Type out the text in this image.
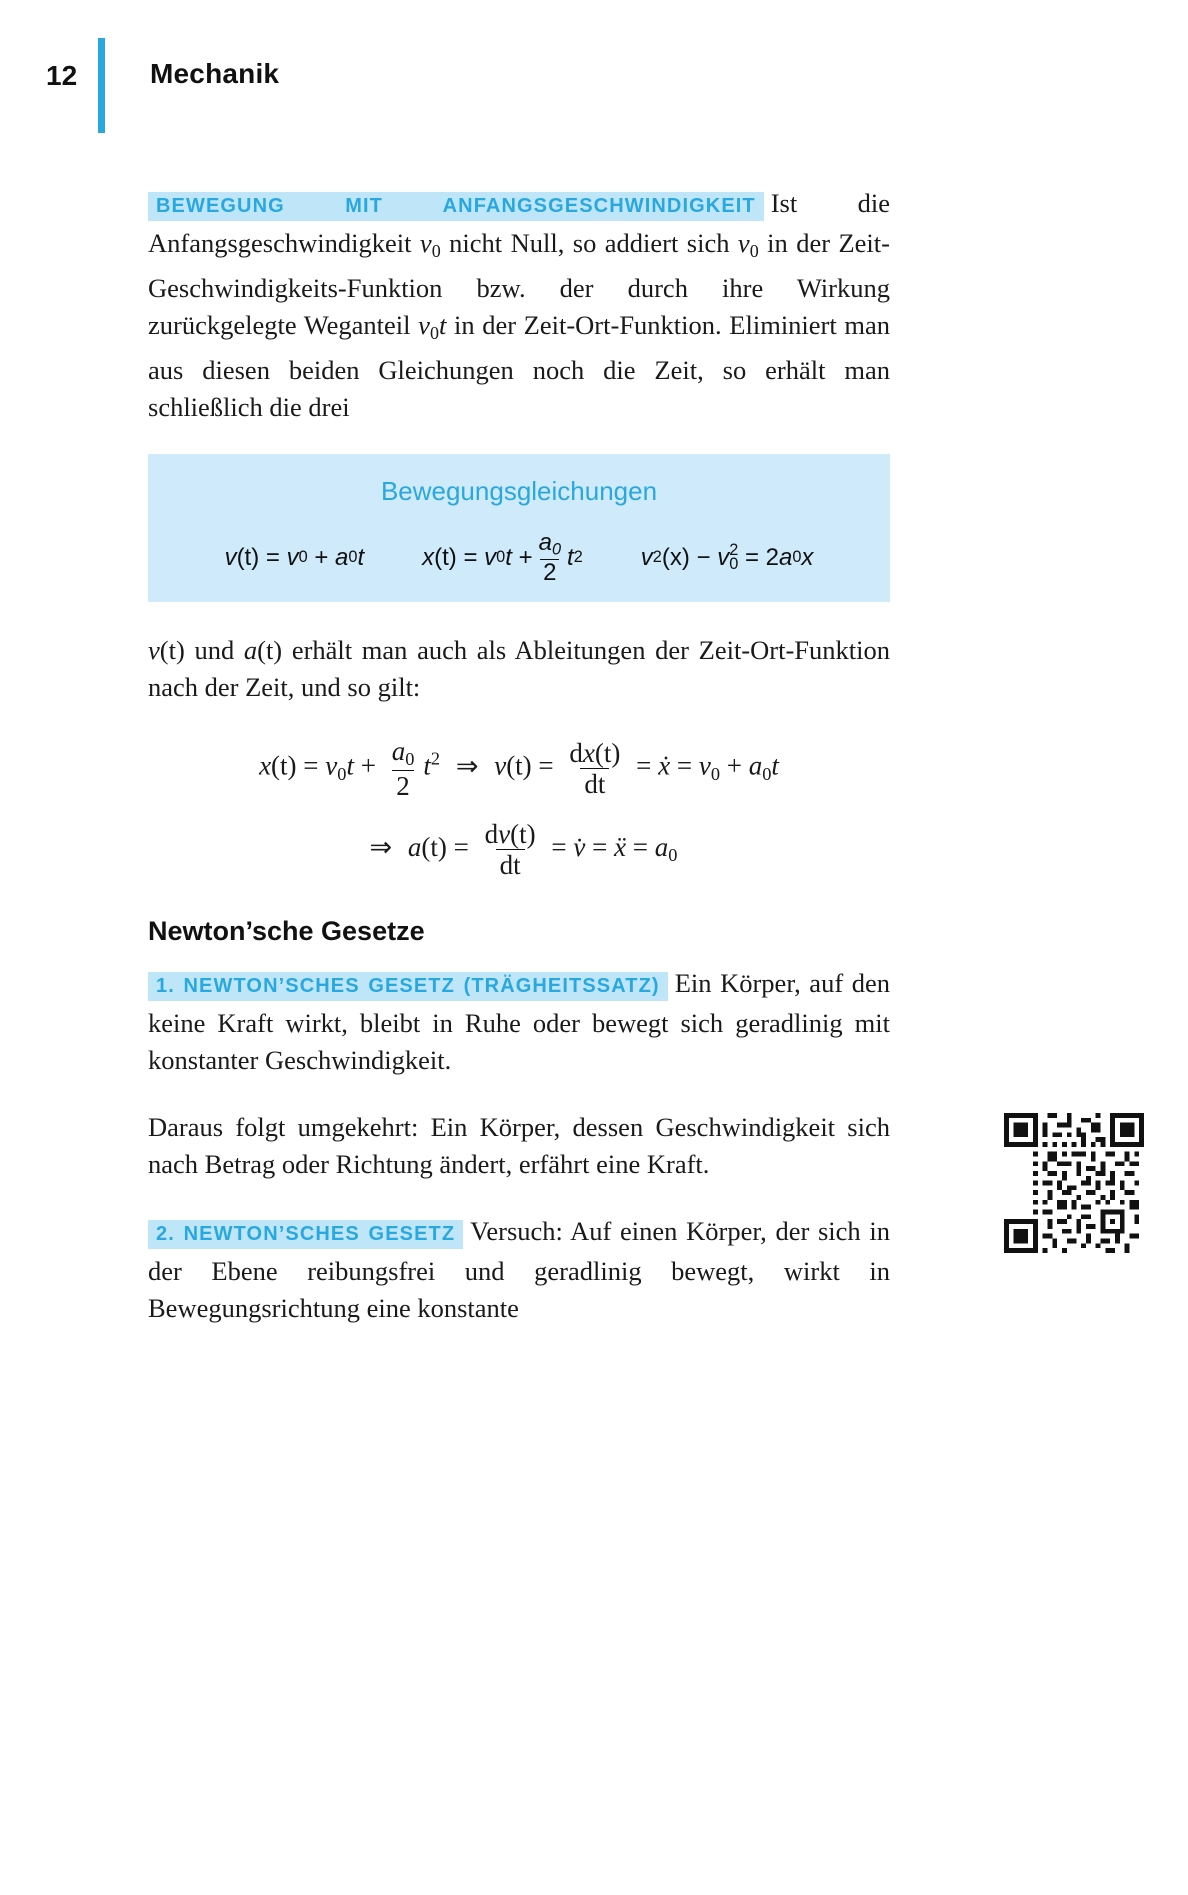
12	Mechanik

BEWEGUNG MIT ANFANGSGESCHWINDIGKEIT Ist die Anfangsgeschwindigkeit $v_0$ nicht Null, so addiert sich $v_0$ in der Zeit-Geschwindigkeits-Funktion bzw. der durch ihre Wirkung zurückgelegte Weganteil $v_0t$ in der Zeit-Ort-Funktion. Eliminiert man aus diesen beiden Gleichungen noch die Zeit, so erhält man schließlich die drei

Bewegungsgleichungen
v (t)
=
v 0
+
a 0 t x (t)
=
v 0 t
+ $\frac{a_0}{2}$ t 2 v 2 (x)
−
v 2
0
=
2 a 0 x

v(t) und a(t) erhält man auch als Ableitungen der Zeit-Ort-Funktion nach der Zeit, und so gilt:

$x(t) = v_0t + \frac{a_0}{2} t^2$ ⇒ $v(t) = \frac{dx(t)}{dt}$ = ẋ = $v_0 + a_0t$
⇒ $a(t) = \frac{dv(t)}{dt}$ = v̇ = ẍ = $a_0$
Newton’sche Gesetze

1. NEWTON’SCHES GESETZ (TRÄGHEITSSATZ) Ein Körper, auf den keine Kraft wirkt, bleibt in Ruhe oder bewegt sich geradlinig mit konstanter Geschwindigkeit.

Daraus folgt umgekehrt: Ein Körper, dessen Geschwindigkeit sich nach Betrag oder Richtung ändert, erfährt eine Kraft.

2. NEWTON’SCHES GESETZ Versuch: Auf einen Körper, der sich in der Ebene reibungsfrei und geradlinig bewegt, wirkt in Bewegungsrichtung eine konstante
